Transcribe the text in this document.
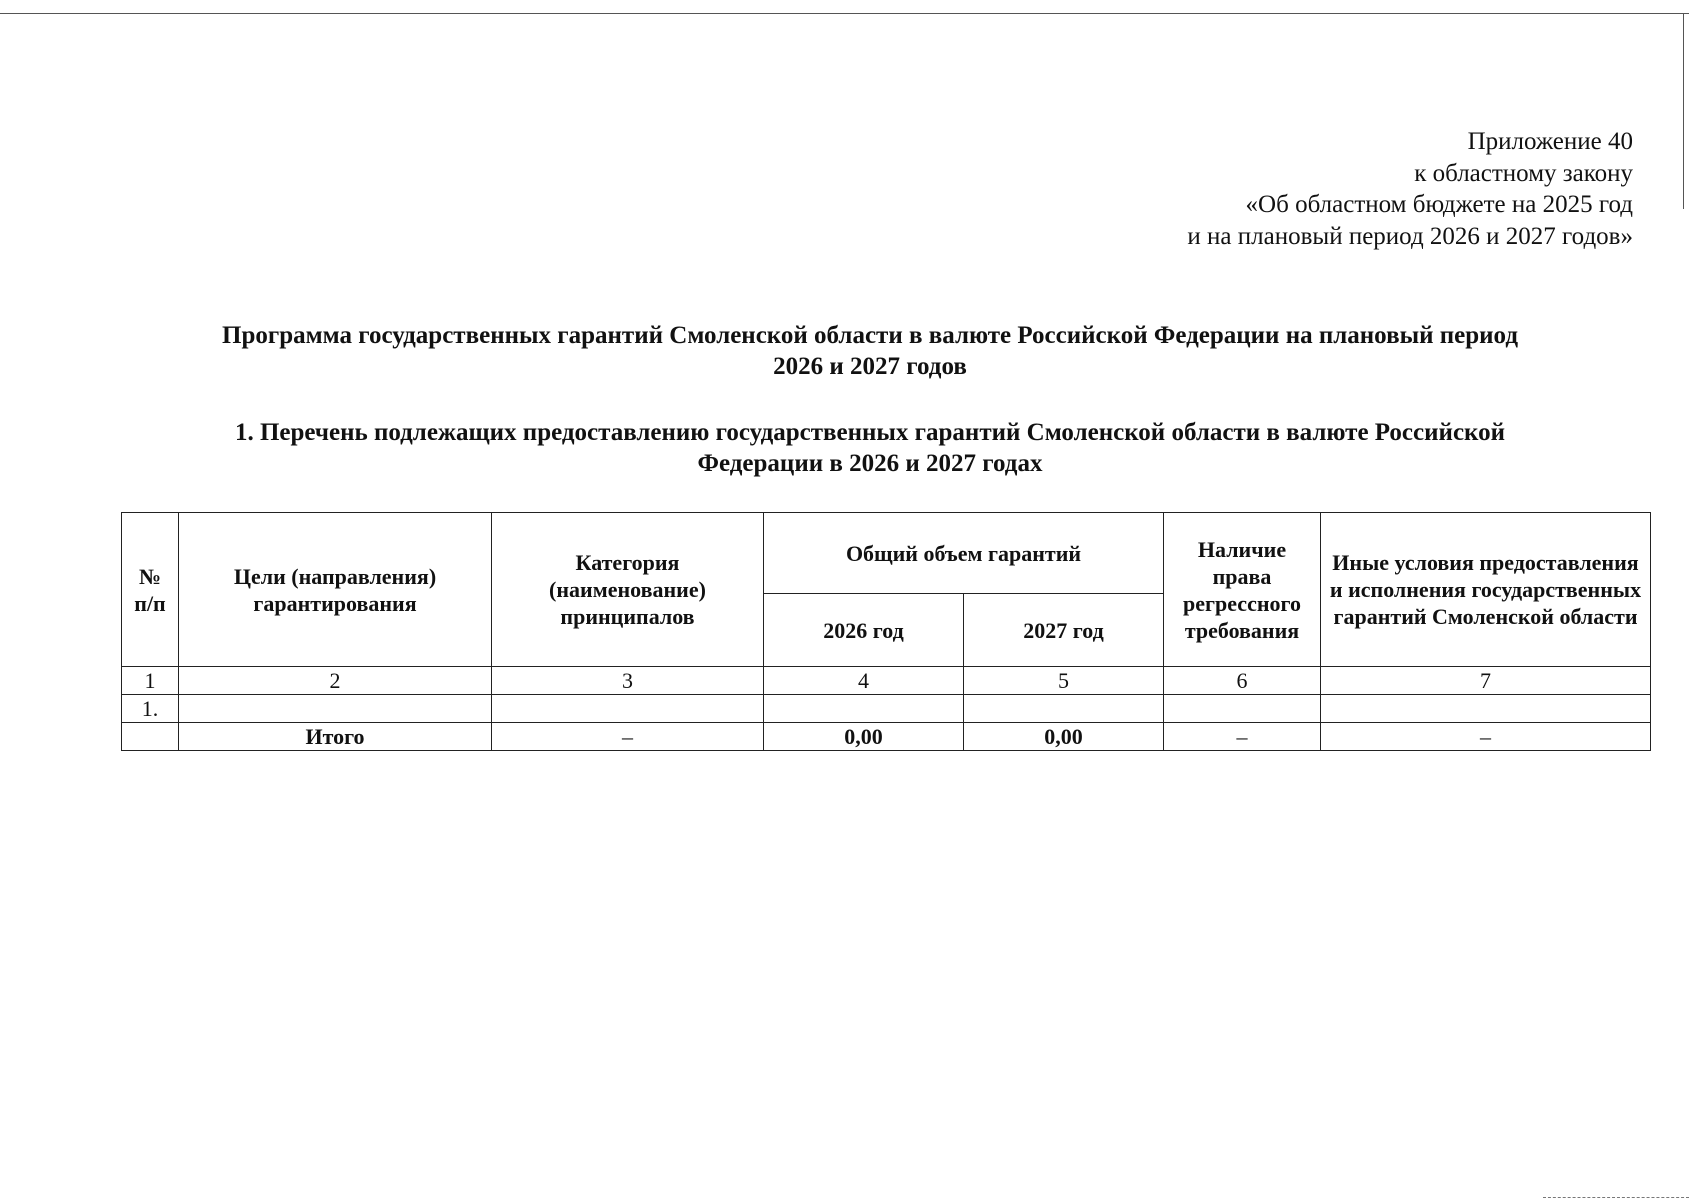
Приложение 40
к областному закону
«Об областном бюджете на 2025 год
и на плановый период 2026 и 2027 годов»
Программа государственных гарантий Смоленской области в валюте Российской Федерации на плановый период
2026 и 2027 годов
1. Перечень подлежащих предоставлению государственных гарантий Смоленской области в валюте Российской
Федерации в 2026 и 2027 годах
№ п/п	Цели (направления) гарантирования	Категория (наименование) принципалов	Общий объем гарантий		Наличие права регрессного требования	Иные условия предоставления и исполнения государственных гарантий Смоленской области
			2026 год	2027 год		
1	2	3	4	5	6	7
1.						
	Итого	–	0,00	0,00	–	–
